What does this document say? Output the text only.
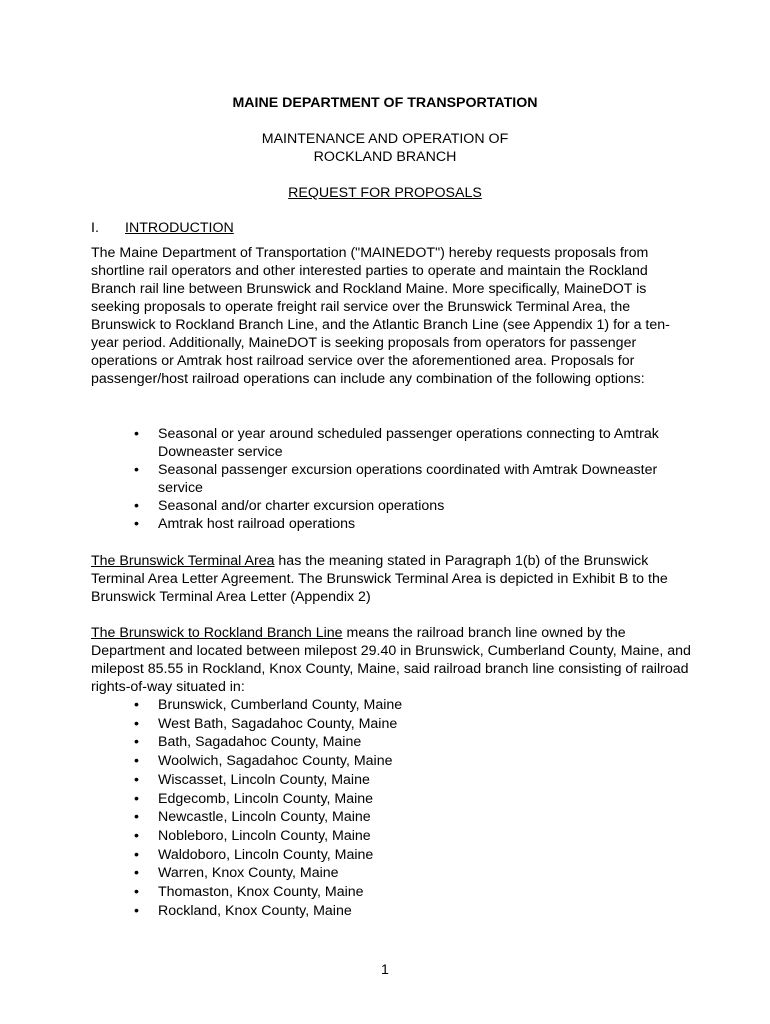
MAINE DEPARTMENT OF TRANSPORTATION
MAINTENANCE AND OPERATION OF
ROCKLAND BRANCH
REQUEST FOR PROPOSALS
I.	INTRODUCTION

The Maine Department of Transportation ("MAINEDOT") hereby requests proposals from shortline rail operators and other interested parties to operate and maintain the Rockland Branch rail line between Brunswick and Rockland Maine. More specifically, MaineDOT is seeking proposals to operate freight rail service over the Brunswick Terminal Area, the Brunswick to Rockland Branch Line, and the Atlantic Branch Line (see Appendix 1) for a ten-year period. Additionally, MaineDOT is seeking proposals from operators for passenger operations or Amtrak host railroad service over the aforementioned area. Proposals for passenger/host railroad operations can include any combination of the following options:

• Seasonal or year around scheduled passenger operations connecting to Amtrak Downeaster service
• Seasonal passenger excursion operations coordinated with Amtrak Downeaster service
• Seasonal and/or charter excursion operations
• Amtrak host railroad operations

The Brunswick Terminal Area has the meaning stated in Paragraph 1(b) of the Brunswick Terminal Area Letter Agreement. The Brunswick Terminal Area is depicted in Exhibit B to the Brunswick Terminal Area Letter (Appendix 2)

The Brunswick to Rockland Branch Line means the railroad branch line owned by the Department and located between milepost 29.40 in Brunswick, Cumberland County, Maine, and milepost 85.55 in Rockland, Knox County, Maine, said railroad branch line consisting of railroad rights-of-way situated in:

• Brunswick, Cumberland County, Maine
• West Bath, Sagadahoc County, Maine
• Bath, Sagadahoc County, Maine
• Woolwich, Sagadahoc County, Maine
• Wiscasset, Lincoln County, Maine
• Edgecomb, Lincoln County, Maine
• Newcastle, Lincoln County, Maine
• Nobleboro, Lincoln County, Maine
• Waldoboro, Lincoln County, Maine
• Warren, Knox County, Maine
• Thomaston, Knox County, Maine
• Rockland, Knox County, Maine
1
